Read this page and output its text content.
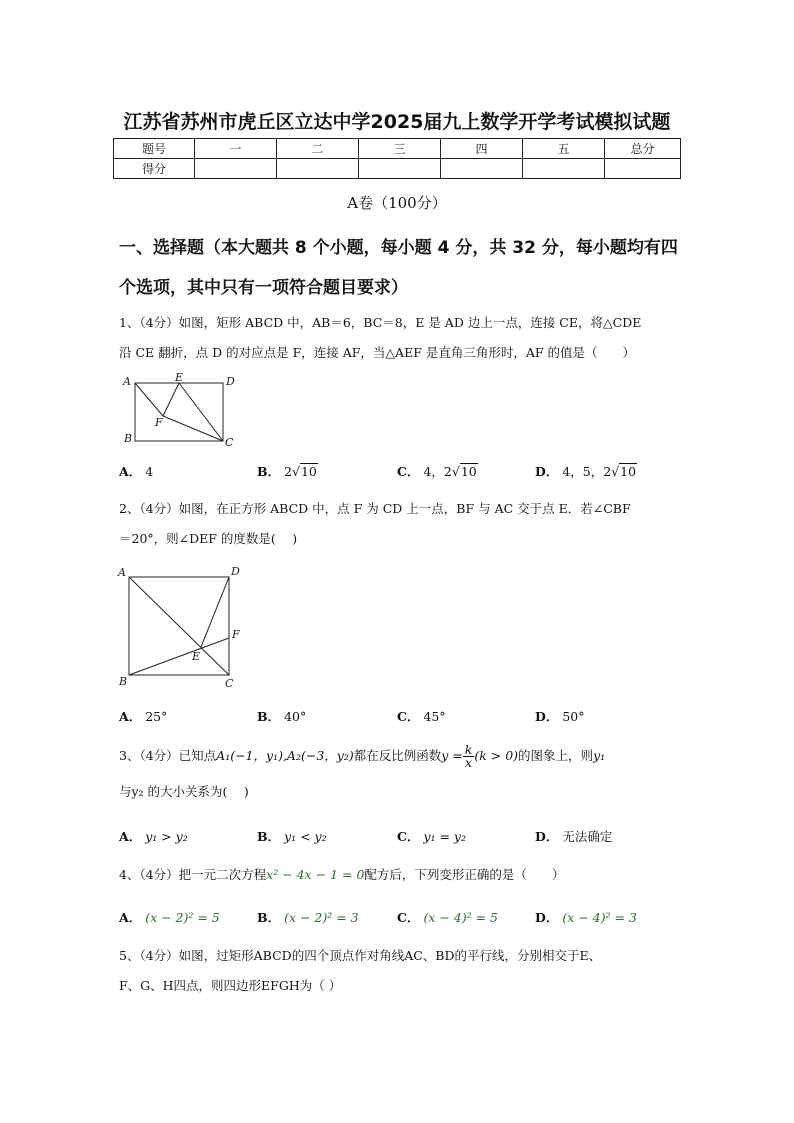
江苏省苏州市虎丘区立达中学2025届九上数学开学考试模拟试题
题号	一	二	三	四	五	总分
得分						
A卷（100分）
一、选择题（本大题共 8 个小题，每小题 4 分，共 32 分，每小题均有四个选项，其中只有一项符合题目要求）
1、（4分）如图，矩形 ABCD 中，AB＝6，BC＝8，E 是 AD 边上一点，连接 CE，将△CDE
沿 CE 翻折，点 D 的对应点是 F，连接 AF，当△AEF 是直角三角形时，AF 的值是（　　）
A	E	D
F
B	C
A． 4	B． 2√10	C． 4，2√10	D． 4，5，2√10
2、（4分）如图，在正方形 ABCD 中，点 F 为 CD 上一点，BF 与 AC 交于点 E．若∠CBF
＝20°，则∠DEF 的度数是(　 )
A	D
F
E
B	C
A． 25°	B． 40°	C． 45°	D． 50°
3、（4分）已知点A₁(−1，y₁),A₂(−3，y₂)都在反比例函数$y = \frac{k}{x} (k > 0)$的图象上，则y₁
与y₂ 的大小关系为(　 )
A． y₁ > y₂	B． y₁ < y₂	C． y₁ = y₂	D． 无法确定
4、（4分）把一元二次方程x² − 4x − 1 = 0配方后，下列变形正确的是（　　）
A． (x − 2)² = 5	B． (x − 2)² = 3	C． (x − 4)² = 5	D． (x − 4)² = 3
5、（4分）如图，过矩形ABCD的四个顶点作对角线AC、BD的平行线，分别相交于E、
F、G、H四点，则四边形EFGH为（ ）
